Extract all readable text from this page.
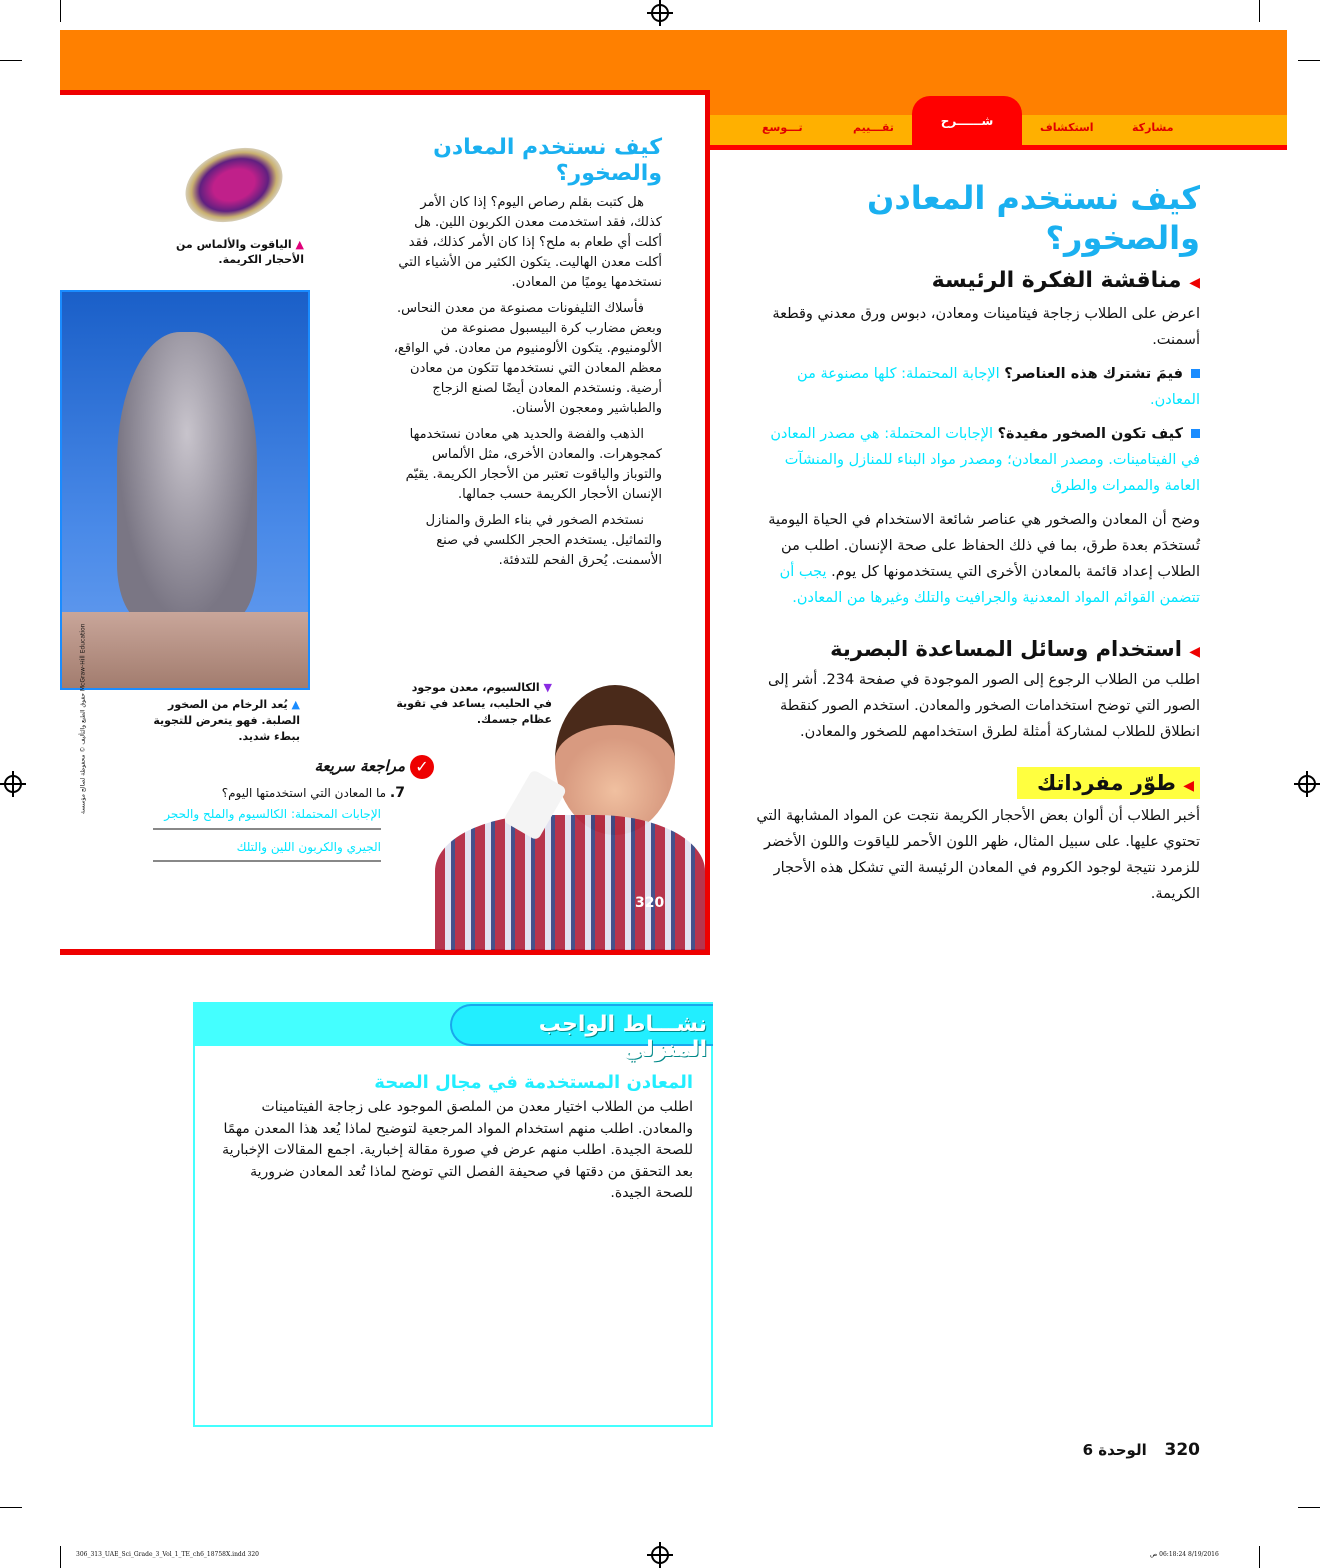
مشاركة
استكشاف
تقـــييم
تـــوسع	شــــــرح
كيف نستخدم المعادن والصخور؟
◀ مناقشة الفكرة الرئيسة

اعرض على الطلاب زجاجة فيتامينات ومعادن، دبوس ورق معدني وقطعة أسمنت.

فيمَ تشترك هذه العناصر؟ الإجابة المحتملة: كلها مصنوعة من المعادن.

كيف تكون الصخور مفيدة؟ الإجابات المحتملة: هي مصدر المعادن في الفيتامينات. ومصدر المعادن؛ ومصدر مواد البناء للمنازل والمنشآت العامة والممرات والطرق

وضح أن المعادن والصخور هي عناصر شائعة الاستخدام في الحياة اليومية تُستخدَم بعدة طرق، بما في ذلك الحفاظ على صحة الإنسان. اطلب من الطلاب إعداد قائمة بالمعادن الأخرى التي يستخدمونها كل يوم. يجب أن تتضمن القوائم المواد المعدنية والجرافيت والتلك وغيرها من المعادن.

◀ استخدام وسائل المساعدة البصرية

اطلب من الطلاب الرجوع إلى الصور الموجودة في صفحة 234. أشر إلى الصور التي توضح استخدامات الصخور والمعادن. استخدم الصور كنقطة انطلاق للطلاب لمشاركة أمثلة لطرق استخدامهم للصخور والمعادن.

◀ طوّر مفرداتك

أخبر الطلاب أن ألوان بعض الأحجار الكريمة نتجت عن المواد المشابهة التي تحتوي عليها. على سبيل المثال، ظهر اللون الأحمر للياقوت واللون الأخضر للزمرد نتيجة لوجود الكروم في المعادن الرئيسة التي تشكل هذه الأحجار الكريمة.

كيف نستخدم المعادن والصخور؟

هل كتبت بقلم رصاص اليوم؟ إذا كان الأمر كذلك، فقد استخدمت معدن الكربون اللين. هل أكلت أي طعام به ملح؟ إذا كان الأمر كذلك، فقد أكلت معدن الهاليت. يتكون الكثير من الأشياء التي نستخدمها يوميًا من المعادن.

فأسلاك التليفونات مصنوعة من معدن النحاس. وبعض مضارب كرة البيسبول مصنوعة من الألومنيوم. يتكون الألومنيوم من معادن. في الواقع، معظم المعادن التي نستخدمها تتكون من معادن أرضية. ونستخدم المعادن أيضًا لصنع الزجاج والطباشير ومعجون الأسنان.

الذهب والفضة والحديد هي معادن نستخدمها كمجوهرات. والمعادن الأخرى، مثل الألماس والتوباز والياقوت تعتبر من الأحجار الكريمة. يقيّم الإنسان الأحجار الكريمة حسب جمالها.

نستخدم الصخور في بناء الطرق والمنازل والتماثيل. يستخدم الحجر الكلسي في صنع الأسمنت. يُحرق الفحم للتدفئة.

▲ الياقوت والألماس من الأحجار الكريمة.

▲ يُعد الرخام من الصخور الصلبة. فهو يتعرض للتجوية ببطء شديد.

▼ الكالسيوم، معدن موجود في الحليب، يساعد في تقوية عظام جسمك.

320
✓
مراجعة سريعة
7. ما المعادن التي استخدمتها اليوم؟

الإجابات المحتملة: الكالسيوم والملح والحجر

الجيري والكربون اللين والتلك

McGraw-Hill Education حقوق الطبع والتأليف © محفوظة لصالح مؤسسة
نشـــاط الواجب المنزلي
المعادن المستخدمة في مجال الصحة

اطلب من الطلاب اختيار معدن من الملصق الموجود على زجاجة الفيتامينات والمعادن. اطلب منهم استخدام المواد المرجعية لتوضيح لماذا يُعد هذا المعدن مهمًا للصحة الجيدة. اطلب منهم عرض في صورة مقالة إخبارية. اجمع المقالات الإخبارية بعد التحقق من دقتها في صحيفة الفصل التي توضح لماذا تُعد المعادن ضرورية للصحة الجيدة.

320   الوحدة 6
306_313_UAE_Sci_Grade_3_Vol_1_TE_ch6_18758X.indd 320	8/19/2016 06:18:24 ص
